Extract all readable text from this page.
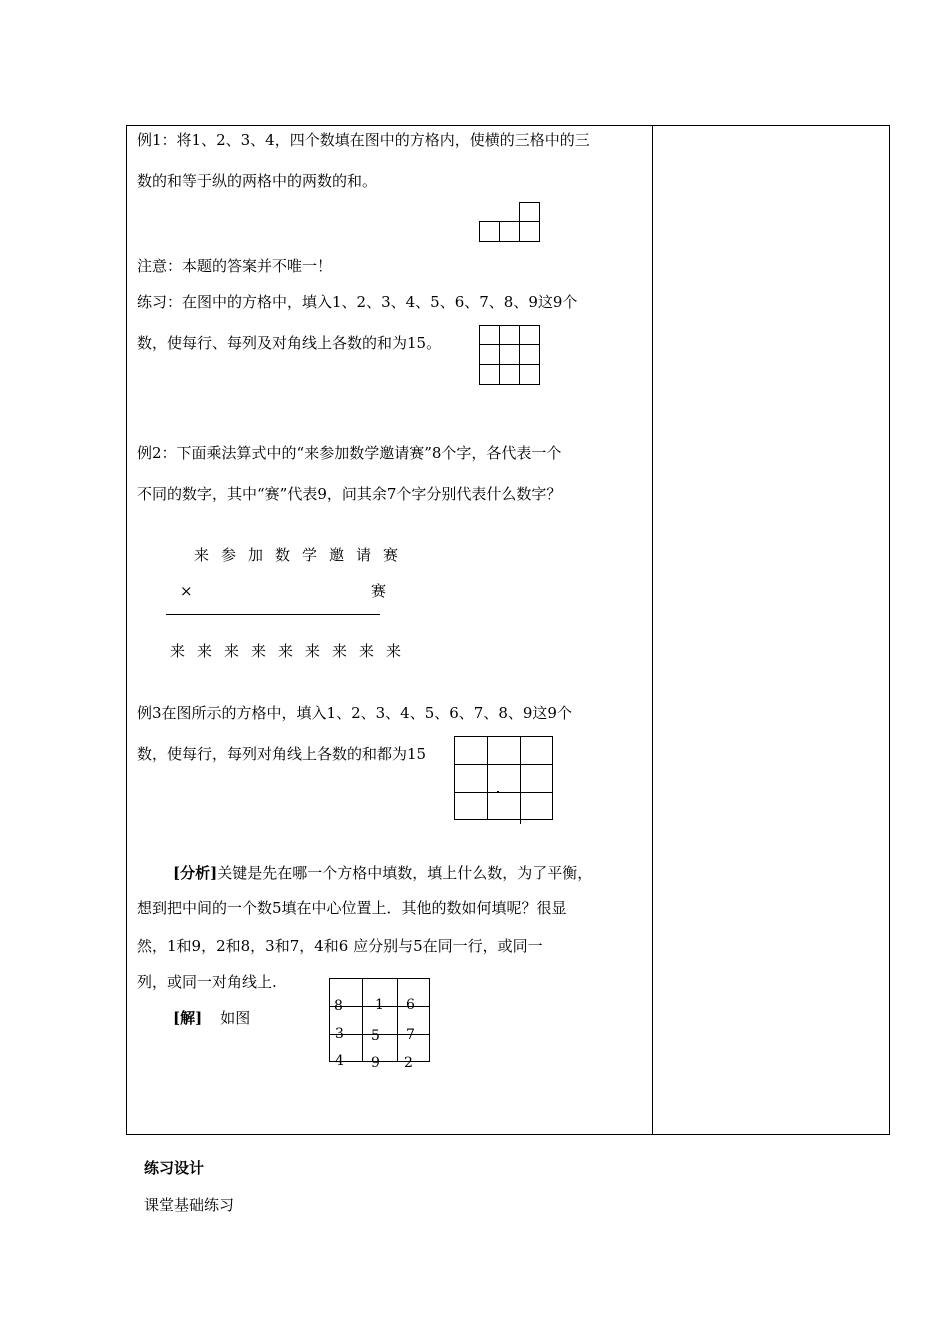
例1：将1、2、3、4，四个数填在图中的方格内，使横的三格中的三
数的和等于纵的两格中的两数的和。
注意：本题的答案并不唯一！
练习：在图中的方格中，填入1、2、3、4、5、6、7、8、9这9个
数，使每行、每列及对角线上各数的和为15。
例2：下面乘法算式中的“来参加数学邀请赛”8个字，各代表一个
不同的数字，其中“赛”代表9，问其余7个字分别代表什么数字？
来参加数学邀请赛
×	赛
来来来来来来来来来
例3在图所示的方格中，填入1、2、3、4、5、6、7、8、9这9个
数，使每行，每列对角线上各数的和都为15
[分析]关键是先在哪一个方格中填数，填上什么数，为了平衡，
想到把中间的一个数5填在中心位置上．其他的数如何填呢？很显
然，1和9，2和8，3和7，4和6 应分别与5在同一行，或同一
列，或同一对角线上.
[解] 如图
8 1 6
3 5 7
4 9 2
练习设计
课堂基础练习
